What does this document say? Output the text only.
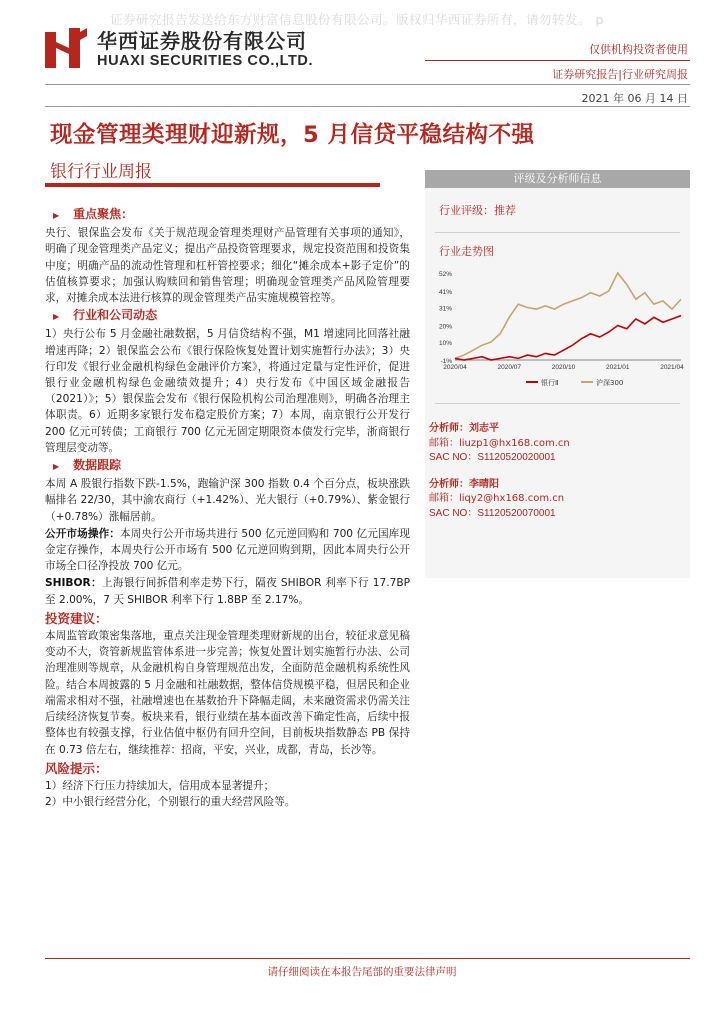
证券研究报告发送给东方财富信息股份有限公司。版权归华西证券所有，请勿转发。 p
华西证券股份有限公司
HUAXI SECURITIES CO.,LTD.
仅供机构投资者使用
证券研究报告|行业研究周报
2021 年 06 月 14 日
现金管理类理财迎新规，5 月信贷平稳结构不强
银行行业周报
▶ 重点聚焦：

央行、银保监会发布《关于规范现金管理类理财产品管理有关事项的通知》，明确了现金管理类产品定义；提出产品投资管理要求，规定投资范围和投资集中度；明确产品的流动性管理和杠杆管控要求；细化“摊余成本+影子定价”的估值核算要求；加强认购赎回和销售管理；明确现金管理类产品风险管理要求，对摊余成本法进行核算的现金管理类产品实施规模管控等。

▶ 行业和公司动态

1）央行公布 5 月金融社融数据，5 月信贷结构不强，M1 增速同比回落社融增速再降；2）银保监会公布《银行保险恢复处置计划实施暂行办法》；3）央行印发《银行业金融机构绿色金融评价方案》，将通过定量与定性评价，促进银行业金融机构绿色金融绩效提升；4）央行发布《中国区域金融报告（2021）》；5）银保监会发布《银行保险机构公司治理准则》，明确各治理主体职责。6）近期多家银行发布稳定股价方案；7）本周，南京银行公开发行 200 亿元可转债；工商银行 700 亿元无固定期限资本债发行完毕，浙商银行管理层变动等。

▶ 数据跟踪

本周 A 股银行指数下跌-1.5%，跑输沪深 300 指数 0.4 个百分点，板块涨跌幅排名 22/30，其中渝农商行（+1.42%）、光大银行（+0.79%）、紫金银行（+0.78%）涨幅居前。

公开市场操作：本周央行公开市场共进行 500 亿元逆回购和 700 亿元国库现金定存操作，本周央行公开市场有 500 亿元逆回购到期，因此本周央行公开市场全口径净投放 700 亿元。

SHIBOR：上海银行间拆借利率走势下行，隔夜 SHIBOR 利率下行 17.7BP 至 2.00%，7 天 SHIBOR 利率下行 1.8BP 至 2.17%。

投资建议：

本周监管政策密集落地，重点关注现金管理类理财新规的出台，较征求意见稿变动不大，资管新规监管体系进一步完善；恢复处置计划实施暂行办法、公司治理准则等规章，从金融机构自身管理规范出发，全面防范金融机构系统性风险。结合本周披露的 5 月金融和社融数据，整体信贷规模平稳，但居民和企业端需求相对不强，社融增速也在基数抬升下降幅走阔，未来融资需求仍需关注后续经济恢复节奏。板块来看，银行业绩在基本面改善下确定性高，后续中报整体也有较强支撑，行业估值中枢仍有回升空间，目前板块指数静态 PB 保持在 0.73 倍左右，继续推荐：招商，平安，兴业，成都，青岛，长沙等。

风险提示：

1）经济下行压力持续加大，信用成本显著提升；

2）中小银行经营分化，个别银行的重大经营风险等。

评级及分析师信息
行业评级：推荐
行业走势图
52%
41%
31%
20%
10%
-1%
2020/04	2020/07	2020/10	2021/01	2021/04
银行Ⅱ	沪深300
分析师：刘志平
邮箱：liuzp1@hx168.com.cn
SAC NO：S1120520020001
分析师：李晴阳
邮箱：liqy2@hx168.com.cn
SAC NO：S1120520070001
请仔细阅读在本报告尾部的重要法律声明
